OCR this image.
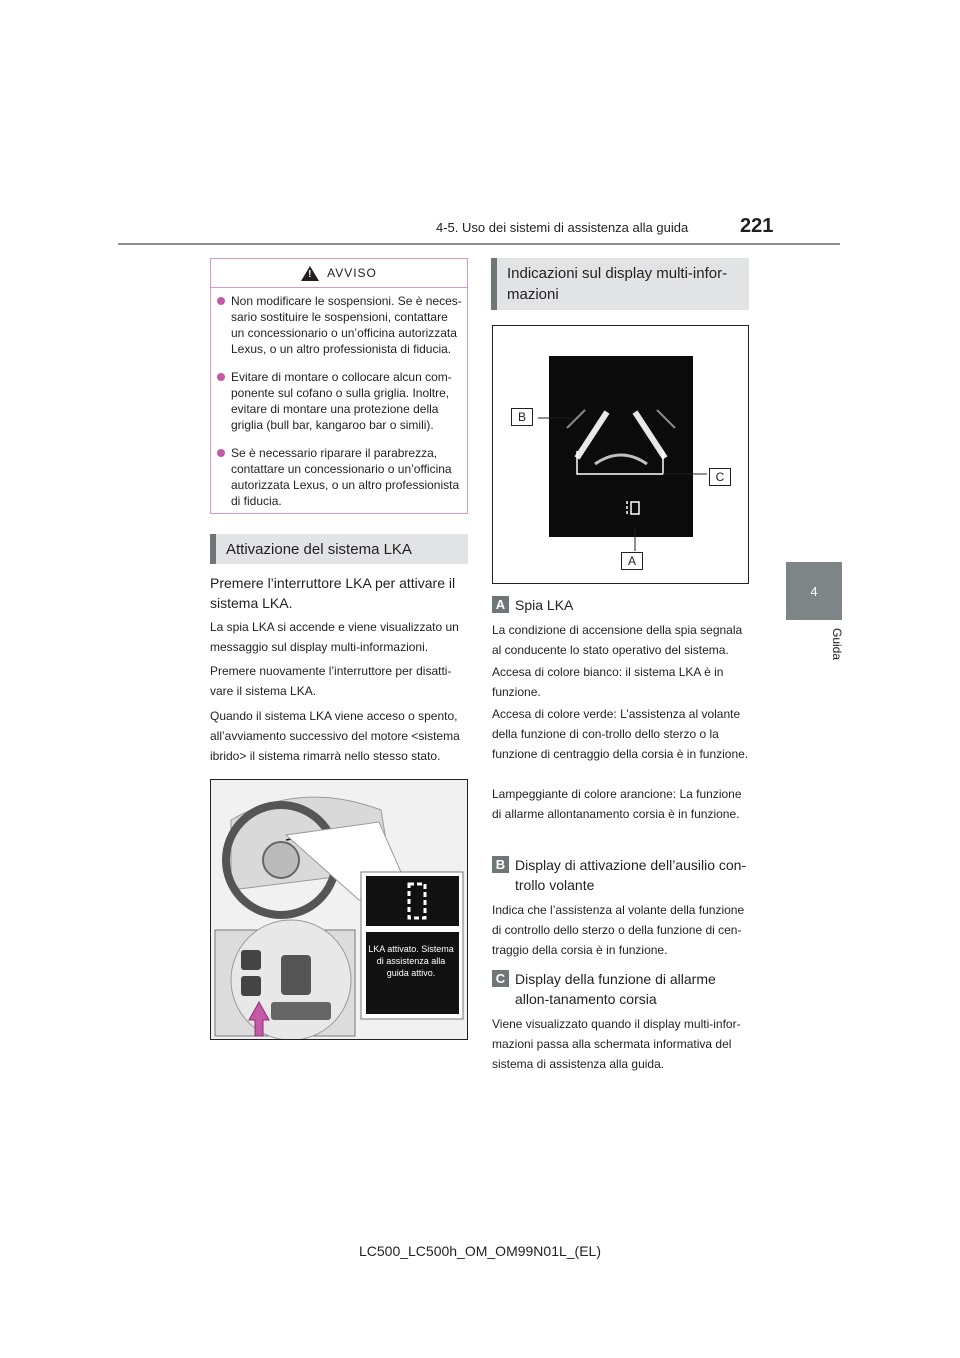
4-5. Uso dei sistemi di assistenza alla guida	221
4
Guida
! AVVISO
Non modificare le sospensioni. Se è neces-sario sostituire le sospensioni, contattare un concessionario o un’officina autorizzata Lexus, o un altro professionista di fiducia.
Evitare di montare o collocare alcun com-ponente sul cofano o sulla griglia. Inoltre, evitare di montare una protezione della griglia (bull bar, kangaroo bar o simili).
Se è necessario riparare il parabrezza, contattare un concessionario o un’officina autorizzata Lexus, o un altro professionista di fiducia.
Attivazione del sistema LKA
Premere l’interruttore LKA per attivare il sistema LKA.
La spia LKA si accende e viene visualizzato un messaggio sul display multi-informazioni.
Premere nuovamente l’interruttore per disatti-vare il sistema LKA.
Quando il sistema LKA viene acceso o spento, all’avviamento successivo del motore <sistema ibrido> il sistema rimarrà nello stesso stato.
LKA attivato. Sistema di assistenza alla guida attivo.
Indicazioni sul display multi-infor-mazioni
B
C
A
A Spia LKA
La condizione di accensione della spia segnala al conducente lo stato operativo del sistema.
Accesa di colore bianco: il sistema LKA è in funzione.
Accesa di colore verde: L’assistenza al volante della funzione di con-trollo dello sterzo o la funzione di centraggio della corsia è in funzione.
Lampeggiante di colore arancione: La funzione di allarme allontanamento corsia è in funzione.
B Display di attivazione dell’ausilio con-trollo volante
Indica che l’assistenza al volante della funzione di controllo dello sterzo o della funzione di cen-traggio della corsia è in funzione.
C Display della funzione di allarme allon-tanamento corsia
Viene visualizzato quando il display multi-infor-mazioni passa alla schermata informativa del sistema di assistenza alla guida.
LC500_LC500h_OM_OM99N01L_(EL)
